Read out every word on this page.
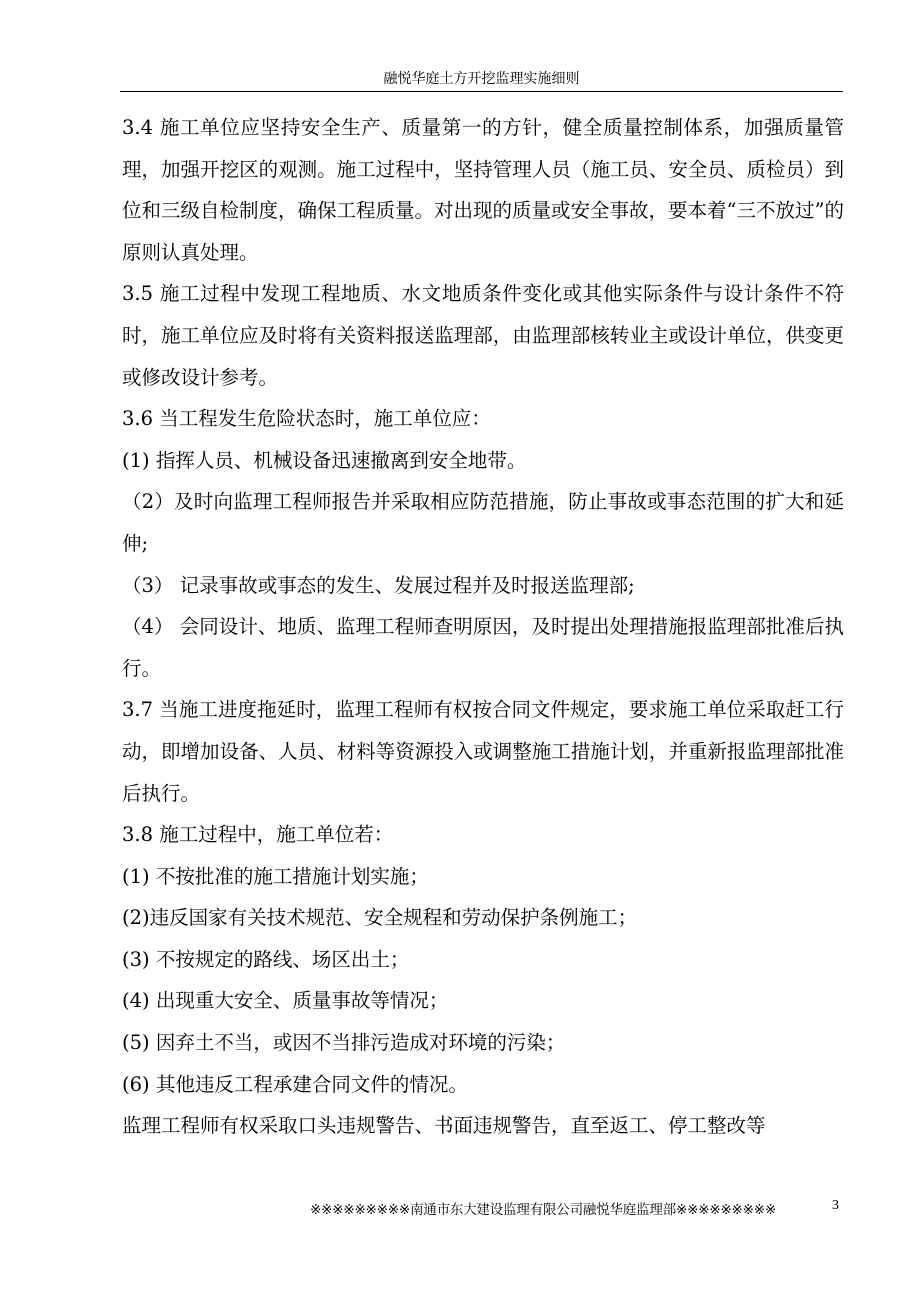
融悦华庭土方开挖监理实施细则

3.4 施工单位应坚持安全生产、质量第一的方针，健全质量控制体系，加强质量管理，加强开挖区的观测。施工过程中，坚持管理人员（施工员、安全员、质检员）到位和三级自检制度，确保工程质量。对出现的质量或安全事故，要本着“三不放过”的原则认真处理。

3.5 施工过程中发现工程地质、水文地质条件变化或其他实际条件与设计条件不符时，施工单位应及时将有关资料报送监理部，由监理部核转业主或设计单位，供变更或修改设计参考。

3.6 当工程发生危险状态时，施工单位应：

(1) 指挥人员、机械设备迅速撤离到安全地带。

（2）及时向监理工程师报告并采取相应防范措施，防止事故或事态范围的扩大和延伸;

（3） 记录事故或事态的发生、发展过程并及时报送监理部;

（4） 会同设计、地质、监理工程师查明原因，及时提出处理措施报监理部批准后执行。

3.7 当施工进度拖延时，监理工程师有权按合同文件规定，要求施工单位采取赶工行动，即增加设备、人员、材料等资源投入或调整施工措施计划，并重新报监理部批准后执行。

3.8 施工过程中，施工单位若：

(1) 不按批准的施工措施计划实施；

(2)违反国家有关技术规范、安全规程和劳动保护条例施工；

(3) 不按规定的路线、场区出土；

(4) 出现重大安全、质量事故等情况；

(5) 因弃土不当，或因不当排污造成对环境的污染；

(6) 其他违反工程承建合同文件的情况。

监理工程师有权采取口头违规警告、书面违规警告，直至返工、停工整改等

※※※※※※※※※南通市东大建设监理有限公司融悦华庭监理部※※※※※※※※※	3
